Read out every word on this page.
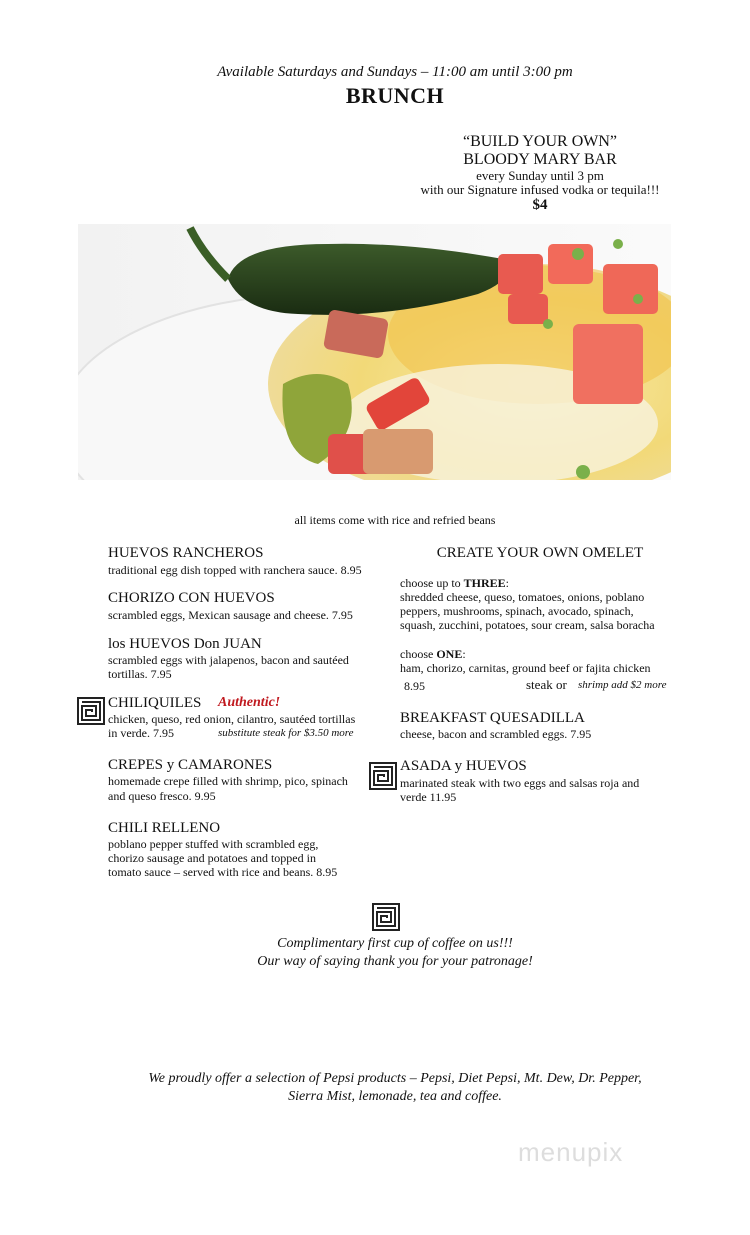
Available Saturdays and Sundays – 11:00 am until 3:00 pm
BRUNCH
“BUILD YOUR OWN”
BLOODY MARY BAR
every Sunday until 3 pm
with our Signature infused vodka or tequila!!!
$4
all items come with rice and refried beans
HUEVOS RANCHEROS
traditional egg dish topped with ranchera sauce. 8.95
CHORIZO CON HUEVOS
scrambled eggs, Mexican sausage and cheese. 7.95
los HUEVOS Don JUAN
scrambled eggs with jalapenos, bacon and sautéed
tortillas. 7.95
CHILIQUILES Authentic!
chicken, queso, red onion, cilantro, sautéed tortillas
in verde. 7.95	substitute steak for $3.50 more
CREPES y CAMARONES
homemade crepe filled with shrimp, pico, spinach
and queso fresco. 9.95
CHILI RELLENO
poblano pepper stuffed with scrambled egg,
chorizo sausage and potatoes and topped in
tomato sauce – served with rice and beans. 8.95
CREATE YOUR OWN OMELET
choose up to THREE:
shredded cheese, queso, tomatoes, onions, poblano
peppers, mushrooms, spinach, avocado, spinach,
squash, zucchini, potatoes, sour cream, salsa boracha
choose ONE:
ham, chorizo, carnitas, ground beef or fajita chicken
8.95	steak or shrimp add $2 more
BREAKFAST QUESADILLA
cheese, bacon and scrambled eggs. 7.95
ASADA y HUEVOS
marinated steak with two eggs and salsas roja and
verde 11.95
Complimentary first cup of coffee on us!!!
Our way of saying thank you for your patronage!
We proudly offer a selection of Pepsi products – Pepsi, Diet Pepsi, Mt. Dew, Dr. Pepper,
Sierra Mist, lemonade, tea and coffee.
menupix
